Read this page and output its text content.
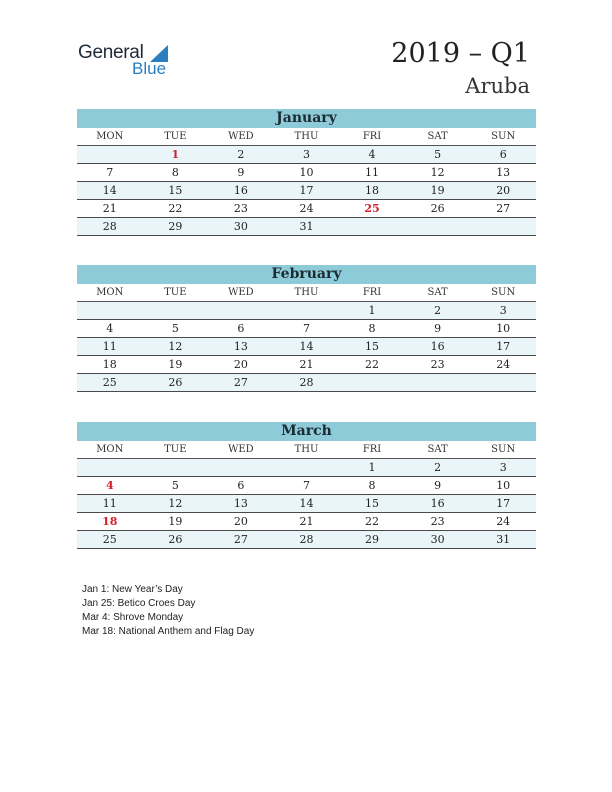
General
Blue	2019 – Q1
Aruba
January
MON	TUE	WED	THU	FRI	SAT	SUN
	1	2	3	4	5	6
7	8	9	10	11	12	13
14	15	16	17	18	19	20
21	22	23	24	25	26	27
28	29	30	31			
February
MON	TUE	WED	THU	FRI	SAT	SUN
				1	2	3
4	5	6	7	8	9	10
11	12	13	14	15	16	17
18	19	20	21	22	23	24
25	26	27	28			
March
MON	TUE	WED	THU	FRI	SAT	SUN
				1	2	3
4	5	6	7	8	9	10
11	12	13	14	15	16	17
18	19	20	21	22	23	24
25	26	27	28	29	30	31
Jan 1: New Year’s Day
Jan 25: Betico Croes Day
Mar 4: Shrove Monday
Mar 18: National Anthem and Flag Day
